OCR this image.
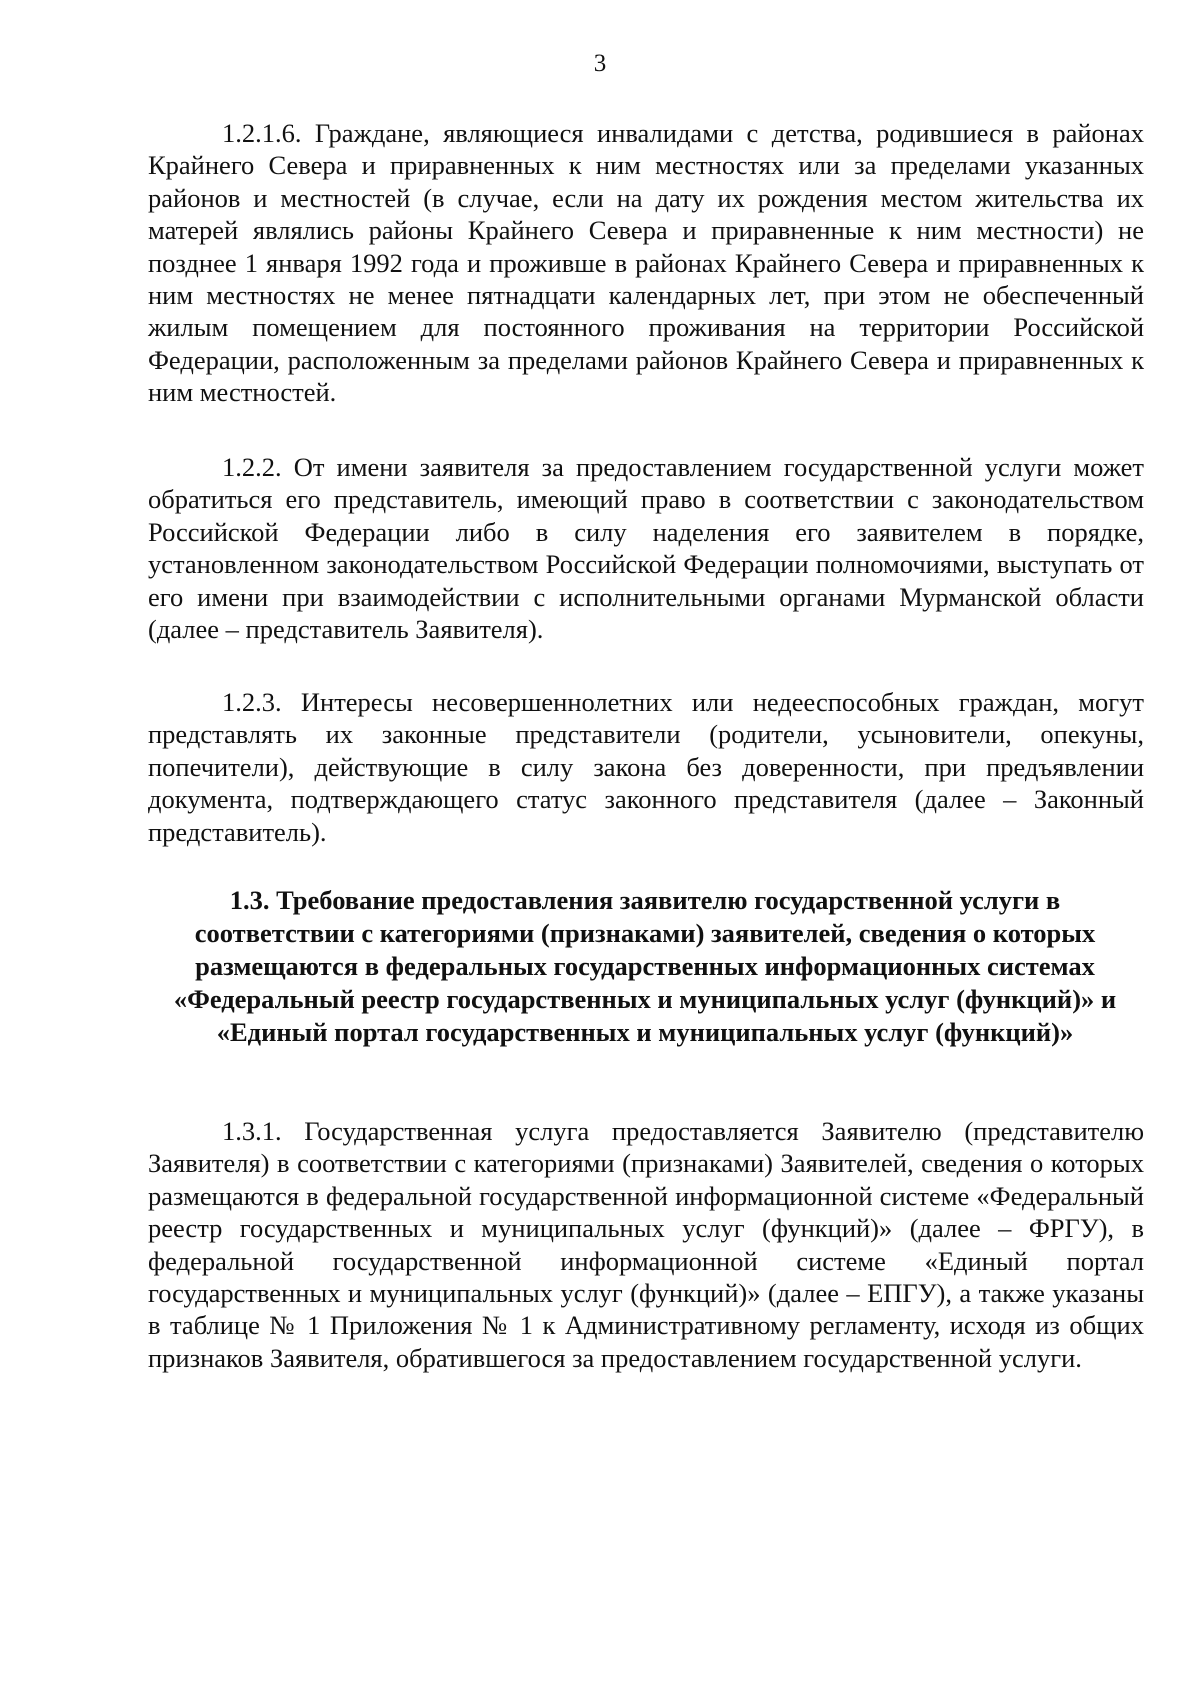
3

1.2.1.6. Граждане, являющиеся инвалидами с детства, родившиеся в районах Крайнего Севера и приравненных к ним местностях или за пределами указанных районов и местностей (в случае, если на дату их рождения местом жительства их матерей являлись районы Крайнего Севера и приравненные к ним местности) не позднее 1 января 1992 года и проживше в районах Крайнего Севера и приравненных к ним местностях не менее пятнадцати календарных лет, при этом не обеспеченный жилым помещением для постоянного проживания на территории Российской Федерации, расположенным за пределами районов Крайнего Севера и приравненных к ним местностей.

1.2.2. От имени заявителя за предоставлением государственной услуги может обратиться его представитель, имеющий право в соответствии с законодательством Российской Федерации либо в силу наделения его заявителем в порядке, установленном законодательством Российской Федерации полномочиями, выступать от его имени при взаимодействии с исполнительными органами Мурманской области (далее – представитель Заявителя).

1.2.3. Интересы несовершеннолетних или недееспособных граждан, могут представлять их законные представители (родители, усыновители, опекуны, попечители), действующие в силу закона без доверенности, при предъявлении документа, подтверждающего статус законного представителя (далее – Законный представитель).

1.3. Требование предоставления заявителю государственной услуги в соответствии с категориями (признаками) заявителей, сведения о которых размещаются в федеральных государственных информационных системах «Федеральный реестр государственных и муниципальных услуг (функций)» и «Единый портал государственных и муниципальных услуг (функций)»

1.3.1. Государственная услуга предоставляется Заявителю (представителю Заявителя) в соответствии с категориями (признаками) Заявителей, сведения о которых размещаются в федеральной государственной информационной системе «Федеральный реестр государственных и муниципальных услуг (функций)» (далее – ФРГУ), в федеральной государственной информационной системе «Единый портал государственных и муниципальных услуг (функций)» (далее – ЕПГУ), а также указаны в таблице № 1 Приложения № 1 к Административному регламенту, исходя из общих признаков Заявителя, обратившегося за предоставлением государственной услуги.
